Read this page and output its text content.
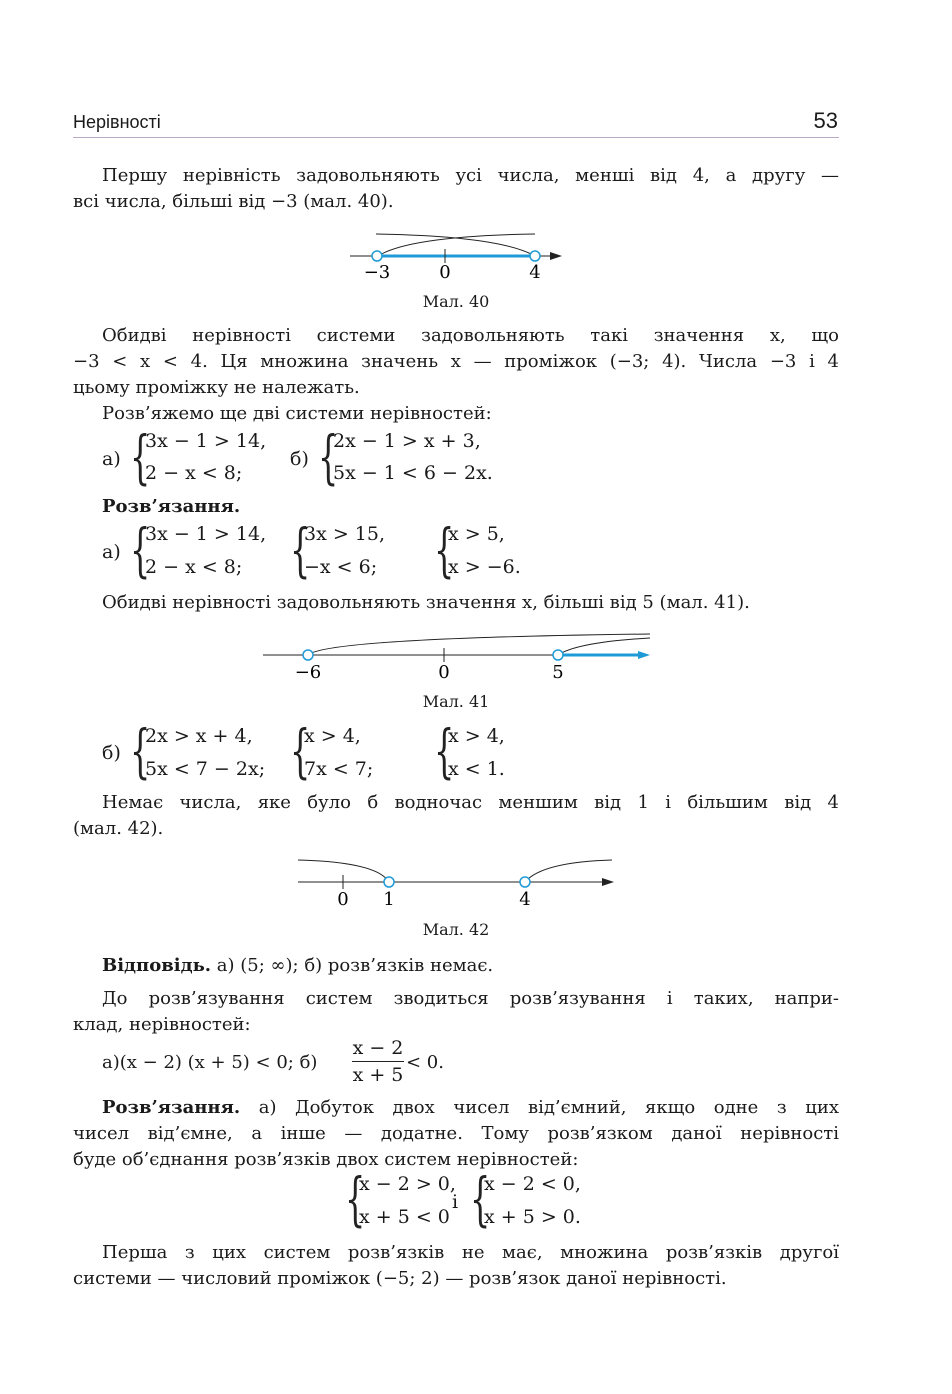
Нерівності	53
Першу нерівність задовольняють усі числа, менші від 4, а другу —
всі числа, більші від −3 (мал. 40).
−3	0	4
Мал. 40
Обидві нерівності системи задовольняють такі значення x, що
−3 < x < 4. Ця множина значень x — проміжок (−3; 4). Числа −3 і 4
цьому проміжку не належать.
Розв’яжемо ще дві системи нерівностей:
а) {
3x − 1 > 14,
2 − x < 8;
б) {
2x − 1 > x + 3,
5x − 1 < 6 − 2x.
Розв’язання.
а) {
3x − 1 > 14,
2 − x < 8; {
3x > 15,
−x < 6; {
x > 5,
x > −6.
Обидві нерівності задовольняють значення x, більші від 5 (мал. 41).
−6	0	5
Мал. 41
б) {
2x > x + 4,
5x < 7 − 2x; {
x > 4,
7x < 7; {
x > 4,
x < 1.
Немає числа, яке було б водночас меншим від 1 і більшим від 4
(мал. 42).
0 1	4
Мал. 42
Відповідь. а) (5; ∞); б) розв’язків немає.
До розв’язування систем зводиться розв’язування і таких, напри-
клад, нерівностей:
а)(x − 2) (x + 5) < 0; б)
x − 2
x + 5
< 0.
Розв’язання. а) Добуток двох чисел від’ємний, якщо одне з цих
чисел від’ємне, а інше — додатне. Тому розв’язком даної нерівності
буде об’єднання розв’язків двох систем нерівностей:
{
x − 2 > 0,
x + 5 < 0
і {
x − 2 < 0,
x + 5 > 0.
Перша з цих систем розв’язків не має, множина розв’язків другої
системи — числовий проміжок (−5; 2) — розв’язок даної нерівності.
